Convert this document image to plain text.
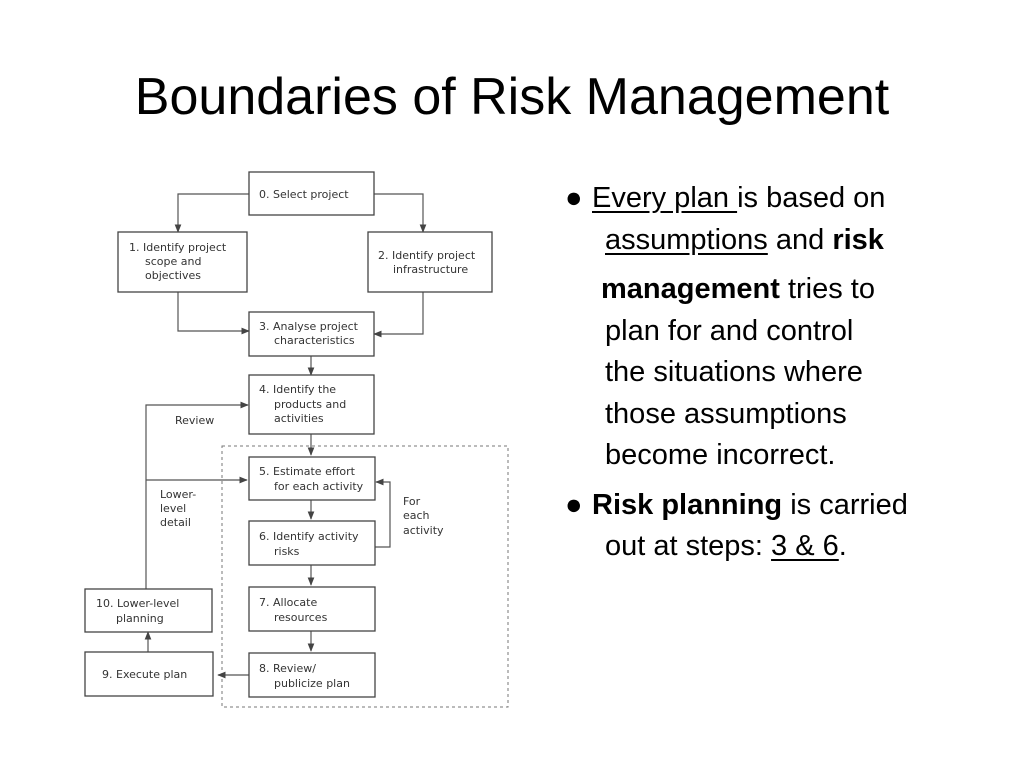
Boundaries of Risk Management
0. Select project
1. Identify project scope and objectives
2. Identify project infrastructure
3. Analyse project characteristics
4. Identify the products and activities
5. Estimate effort for each activity
6. Identify activity risks
7. Allocate resources
8. Review/ publicize plan
9. Execute plan
10. Lower-level planning
Review
Lower- level detail
For each activity

● Every plan is based on
assumptions and risk
management tries to
plan for and control
the situations where
those assumptions
become incorrect.

● Risk planning is carried
out at steps: 3 & 6.
